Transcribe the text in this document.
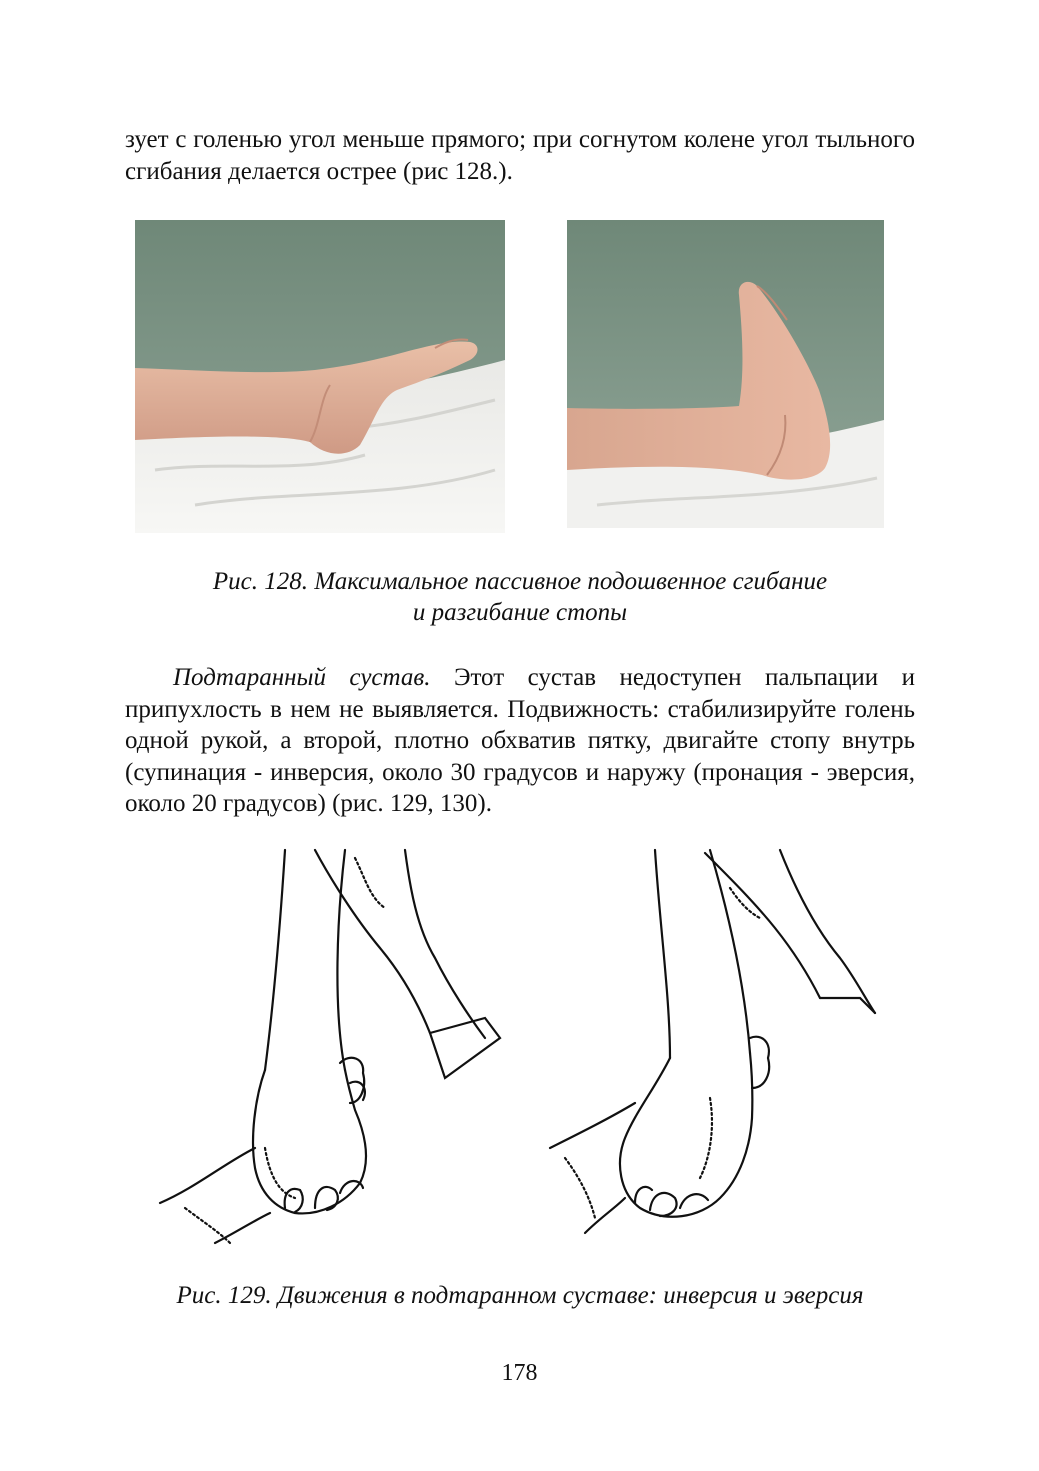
зует с голенью угол меньше прямого; при согнутом колене угол тыльного сгибания делается острее (рис 128.).

Рис. 128. Максимальное пассивное подошвенное сгибание
и разгибание стопы

Подтаранный сустав. Этот сустав недоступен пальпации и припухлость в нем не выявляется. Подвижность: стабилизируйте голень одной рукой, а второй, плотно обхватив пятку, двигайте стопу внутрь (супинация - инверсия, около 30 градусов и наружу (пронация - эверсия, около 20 градусов) (рис. 129, 130).

Рис. 129. Движения в подтаранном суставе: инверсия и эверсия

178
